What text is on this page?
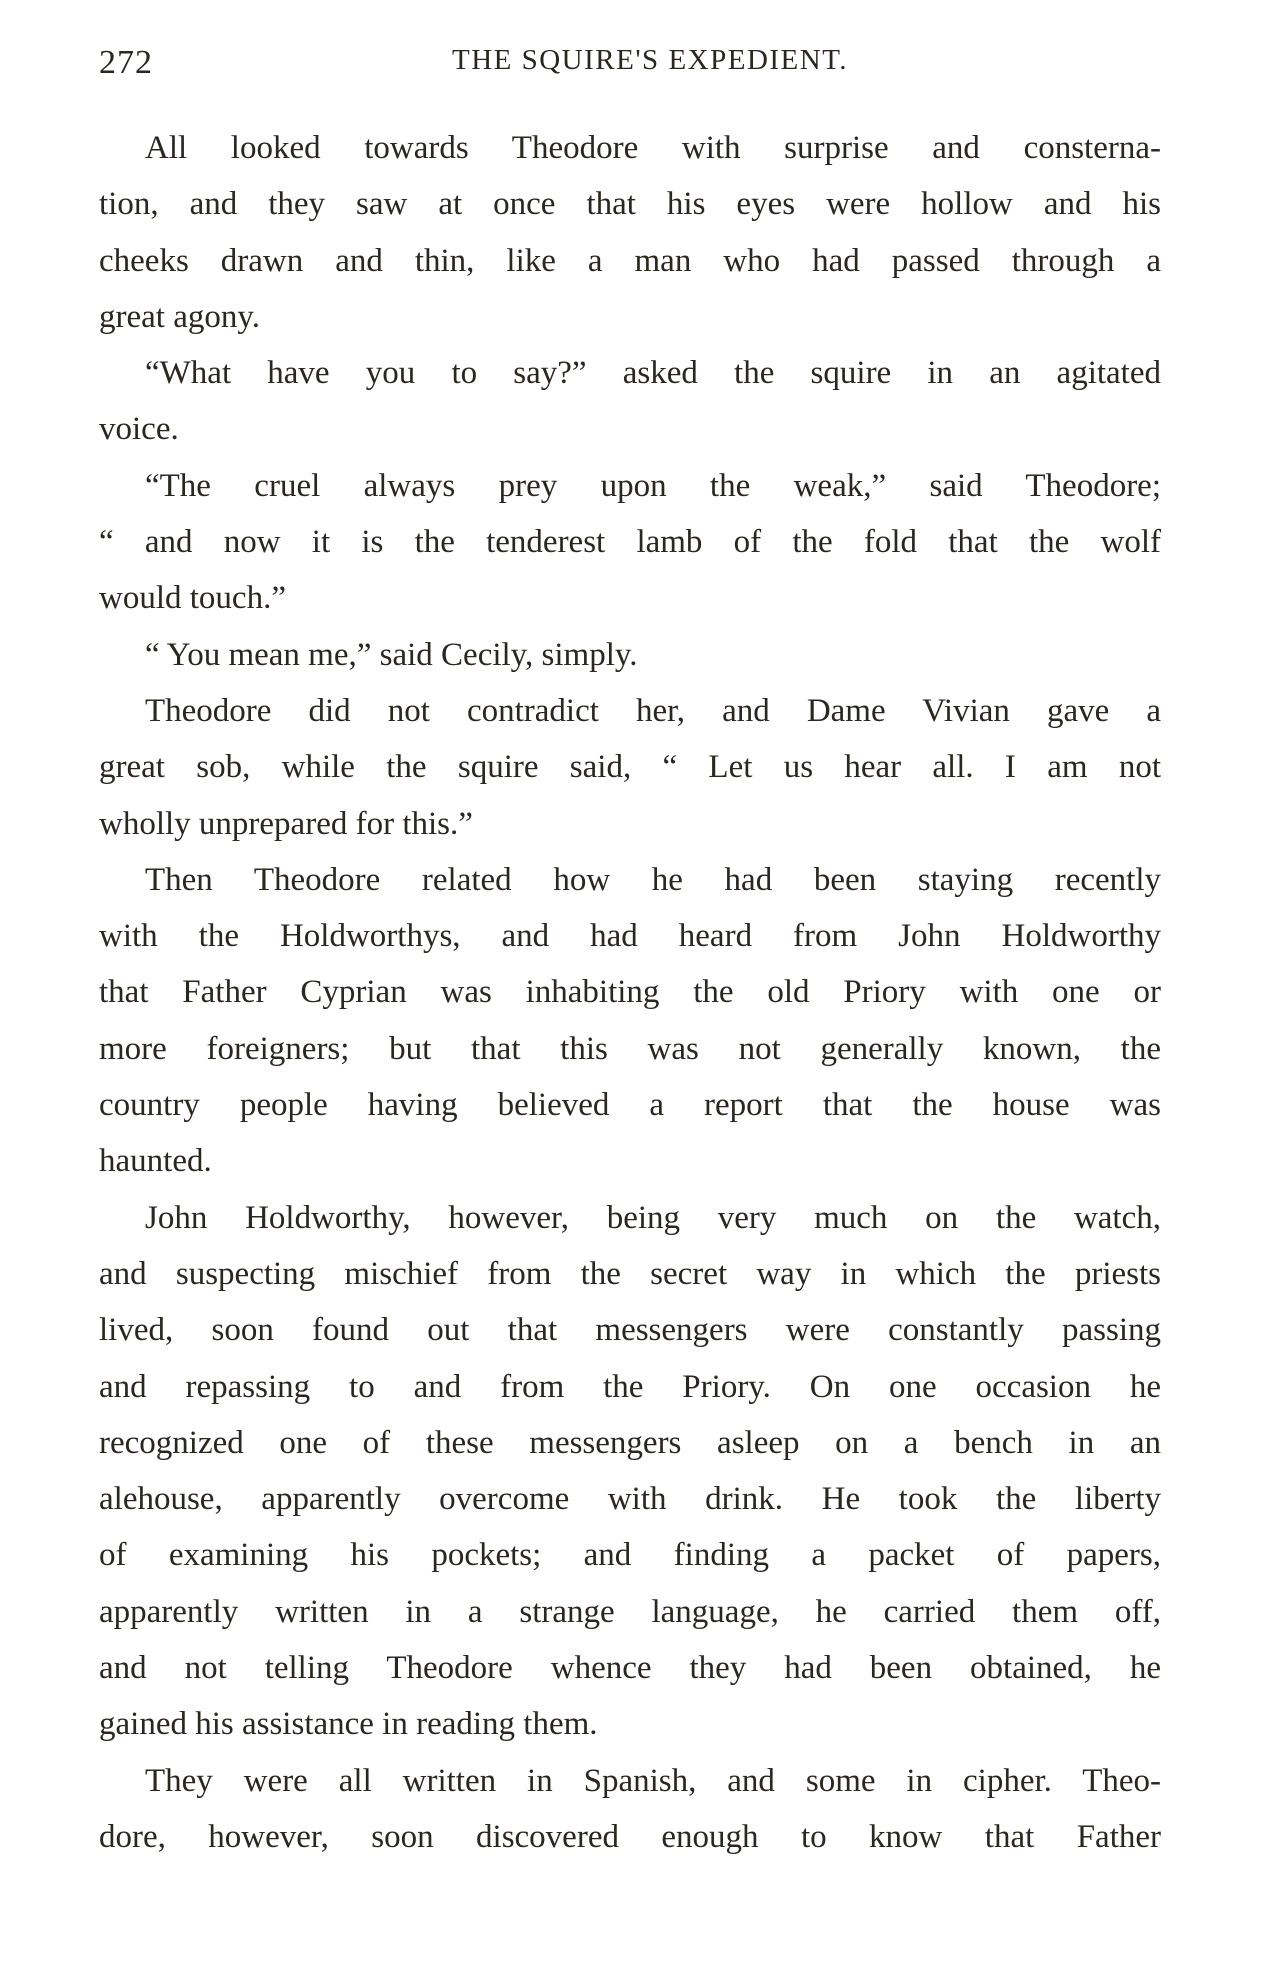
272	THE SQUIRE'S EXPEDIENT.
All looked towards Theodore with surprise and consterna-
tion, and they saw at once that his eyes were hollow and his
cheeks drawn and thin, like a man who had passed through a
great agony.
“What have you to say?” asked the squire in an agitated
voice.
“The cruel always prey upon the weak,” said Theodore;
“ and now it is the tenderest lamb of the fold that the wolf
would touch.”
“ You mean me,” said Cecily, simply.
Theodore did not contradict her, and Dame Vivian gave a
great sob, while the squire said, “ Let us hear all. I am not
wholly unprepared for this.”
Then Theodore related how he had been staying recently
with the Holdworthys, and had heard from John Holdworthy
that Father Cyprian was inhabiting the old Priory with one or
more foreigners; but that this was not generally known, the
country people having believed a report that the house was
haunted.
John Holdworthy, however, being very much on the watch,
and suspecting mischief from the secret way in which the priests
lived, soon found out that messengers were constantly passing
and repassing to and from the Priory. On one occasion he
recognized one of these messengers asleep on a bench in an
alehouse, apparently overcome with drink. He took the liberty
of examining his pockets; and finding a packet of papers,
apparently written in a strange language, he carried them off,
and not telling Theodore whence they had been obtained, he
gained his assistance in reading them.
They were all written in Spanish, and some in cipher. Theo-
dore, however, soon discovered enough to know that Father
